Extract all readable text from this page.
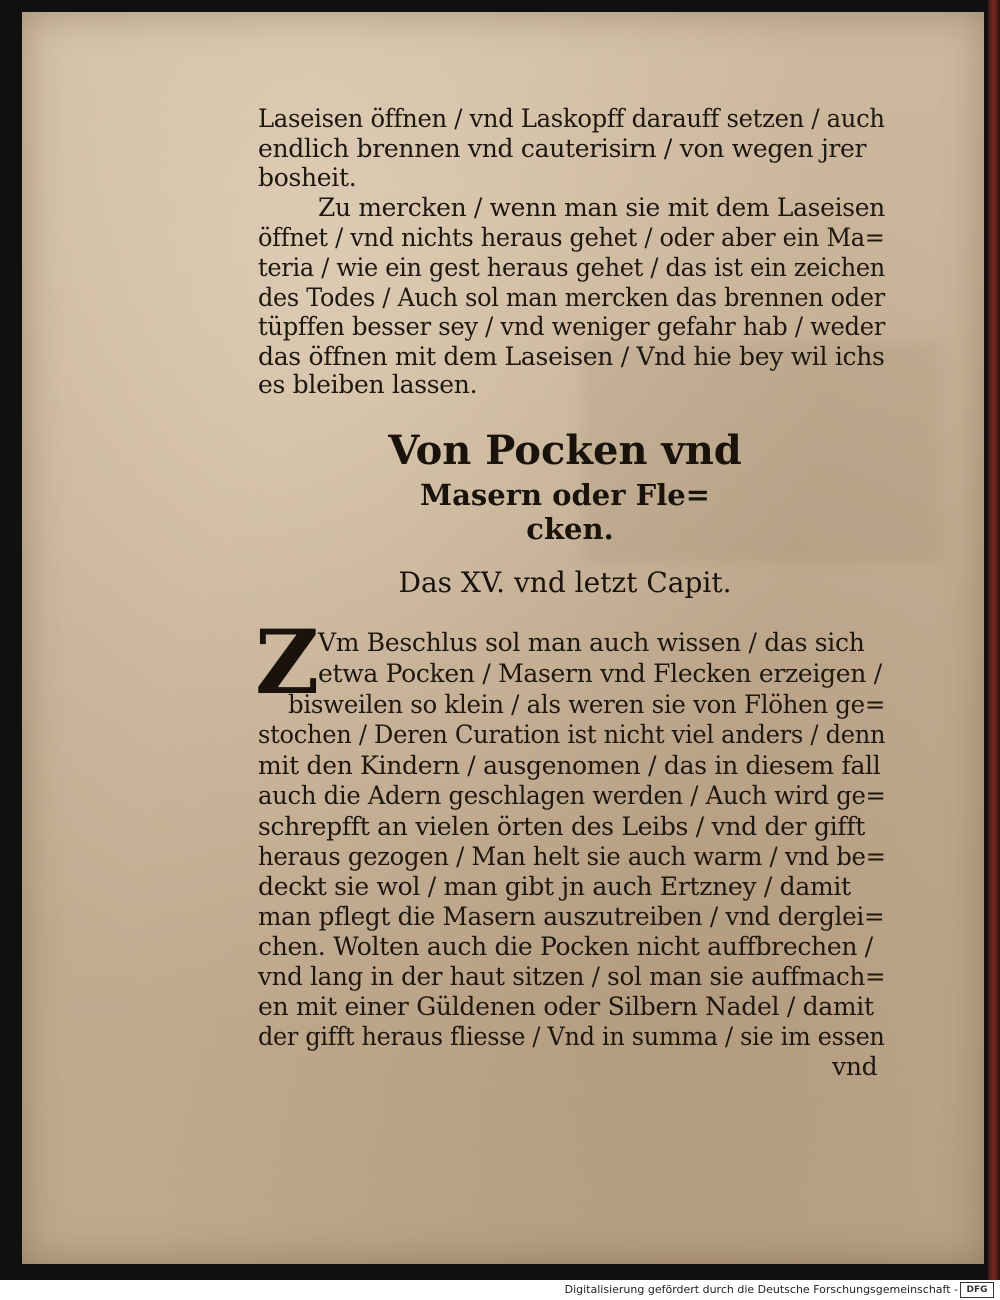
Laseisen öffnen / vnd Laskopff darauff setzen / auch
endlich brennen vnd cauterisirn / von wegen jrer
bosheit.
Zu mercken / wenn man sie mit dem Laseisen
öffnet / vnd nichts heraus gehet / oder aber ein Ma=
teria / wie ein gest heraus gehet / das ist ein zeichen
des Todes / Auch sol man mercken das brennen oder
tüpffen besser sey / vnd weniger gefahr hab / weder
das öffnen mit dem Laseisen / Vnd hie bey wil ichs
es bleiben lassen.
Von Pocken vnd
Masern oder Fle=
cken.
Das XV. vnd letzt Capit.
Z
Vm Beschlus sol man auch wissen / das sich
etwa Pocken / Masern vnd Flecken erzeigen /
bisweilen so klein / als weren sie von Flöhen ge=
stochen / Deren Curation ist nicht viel anders / denn
mit den Kindern / ausgenomen / das in diesem fall
auch die Adern geschlagen werden / Auch wird ge=
schrepfft an vielen örten des Leibs / vnd der gifft
heraus gezogen / Man helt sie auch warm / vnd be=
deckt sie wol / man gibt jn auch Ertzney / damit
man pflegt die Masern auszutreiben / vnd derglei=
chen. Wolten auch die Pocken nicht auffbrechen /
vnd lang in der haut sitzen / sol man sie auffmach=
en mit einer Güldenen oder Silbern Nadel / damit
der gifft heraus fliesse / Vnd in summa / sie im essen
vnd
Digitalisierung gefördert durch die Deutsche Forschungsgemeinschaft - DFG
